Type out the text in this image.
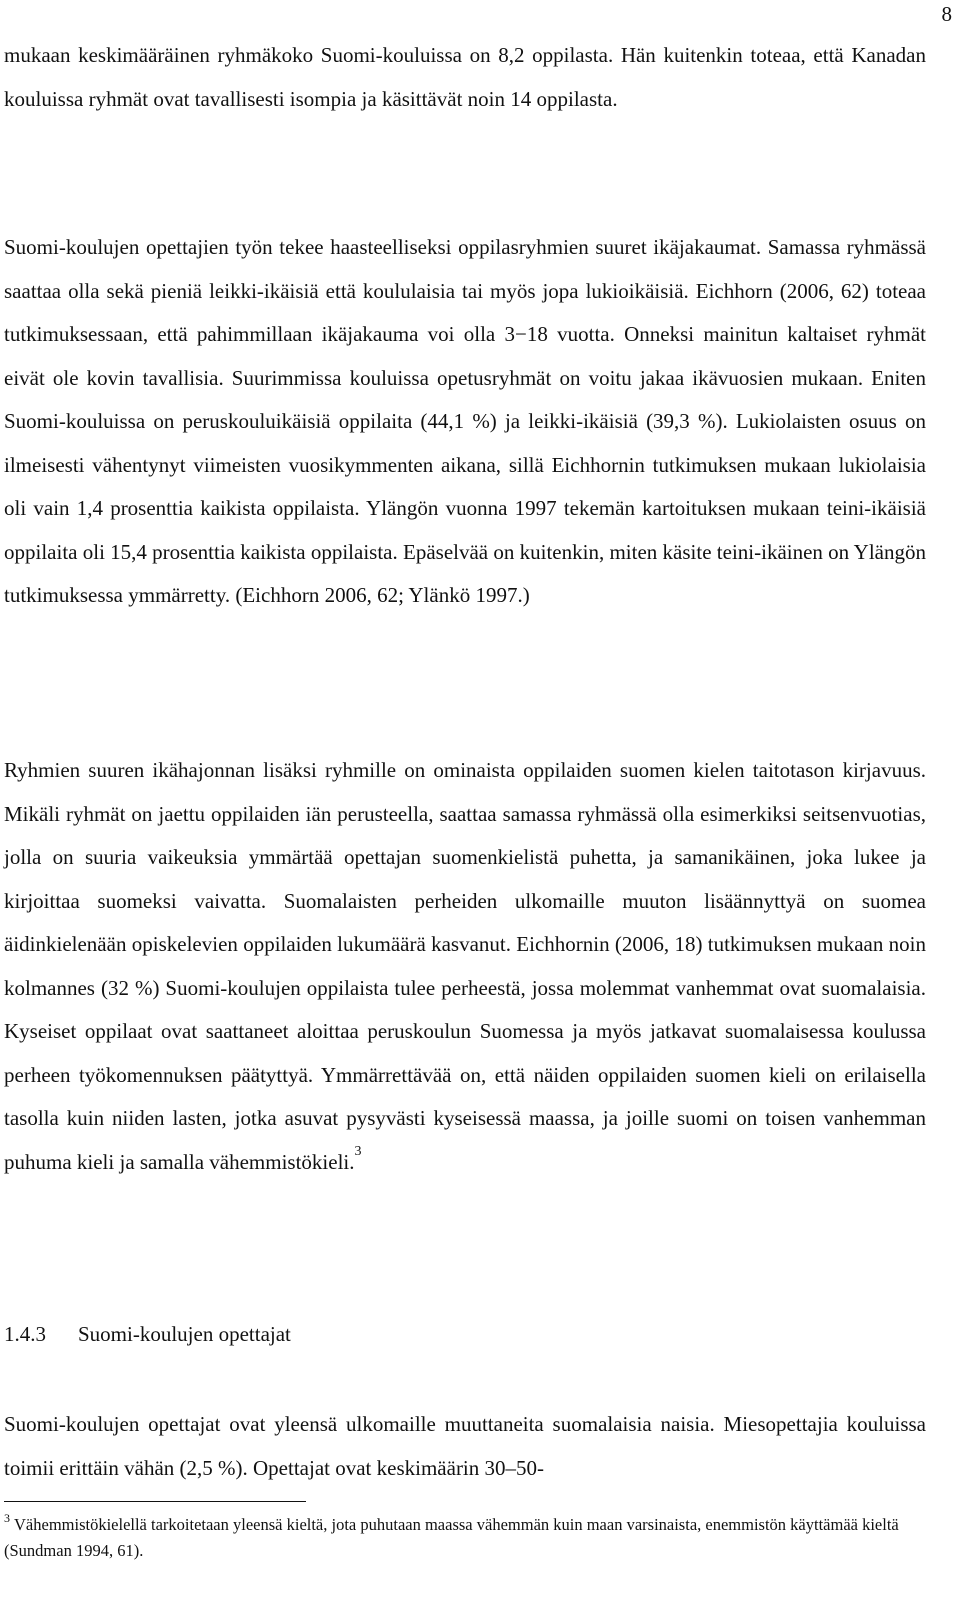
8

mukaan keskimääräinen ryhmäkoko Suomi-kouluissa on 8,2 oppilasta. Hän kuitenkin toteaa, että Kanadan kouluissa ryhmät ovat tavallisesti isompia ja käsittävät noin 14 oppilasta.

Suomi-koulujen opettajien työn tekee haasteelliseksi oppilasryhmien suuret ikäjakaumat. Samassa ryhmässä saattaa olla sekä pieniä leikki-ikäisiä että koululaisia tai myös jopa lukioikäisiä. Eichhorn (2006, 62) toteaa tutkimuksessaan, että pahimmillaan ikäjakauma voi olla 3−18 vuotta. Onneksi mainitun kaltaiset ryhmät eivät ole kovin tavallisia. Suurimmissa kouluissa opetusryhmät on voitu jakaa ikävuosien mukaan. Eniten Suomi-kouluissa on peruskouluikäisiä oppilaita (44,1 %) ja leikki-ikäisiä (39,3 %). Lukiolaisten osuus on ilmeisesti vähentynyt viimeisten vuosikymmenten aikana, sillä Eichhornin tutkimuksen mukaan lukiolaisia oli vain 1,4 prosenttia kaikista oppilaista. Ylängön vuonna 1997 tekemän kartoituksen mukaan teini-ikäisiä oppilaita oli 15,4 prosenttia kaikista oppilaista. Epäselvää on kuitenkin, miten käsite teini-ikäinen on Ylängön tutkimuksessa ymmärretty. (Eichhorn 2006, 62; Ylänkö 1997.)

Ryhmien suuren ikähajonnan lisäksi ryhmille on ominaista oppilaiden suomen kielen taitotason kirjavuus. Mikäli ryhmät on jaettu oppilaiden iän perusteella, saattaa samassa ryhmässä olla esimerkiksi seitsenvuotias, jolla on suuria vaikeuksia ymmärtää opettajan suomenkielistä puhetta, ja samanikäinen, joka lukee ja kirjoittaa suomeksi vaivatta. Suomalaisten perheiden ulkomaille muuton lisäännyttyä on suomea äidinkielenään opiskelevien oppilaiden lukumäärä kasvanut. Eichhornin (2006, 18) tutkimuksen mukaan noin kolmannes (32 %) Suomi-koulujen oppilaista tulee perheestä, jossa molemmat vanhemmat ovat suomalaisia. Kyseiset oppilaat ovat saattaneet aloittaa peruskoulun Suomessa ja myös jatkavat suomalaisessa koulussa perheen työkomennuksen päätyttyä. Ymmärrettävää on, että näiden oppilaiden suomen kieli on erilaisella tasolla kuin niiden lasten, jotka asuvat pysyvästi kyseisessä maassa, ja joille suomi on toisen vanhemman puhuma kieli ja samalla vähemmistökieli.$^3$

1.4.3 Suomi-koulujen opettajat

Suomi-koulujen opettajat ovat yleensä ulkomaille muuttaneita suomalaisia naisia. Miesopettajia kouluissa toimii erittäin vähän (2,5 %). Opettajat ovat keskimäärin 30–50-

$^3$ Vähemmistökielellä tarkoitetaan yleensä kieltä, jota puhutaan maassa vähemmän kuin maan varsinaista, enemmistön käyttämää kieltä (Sundman 1994, 61).
